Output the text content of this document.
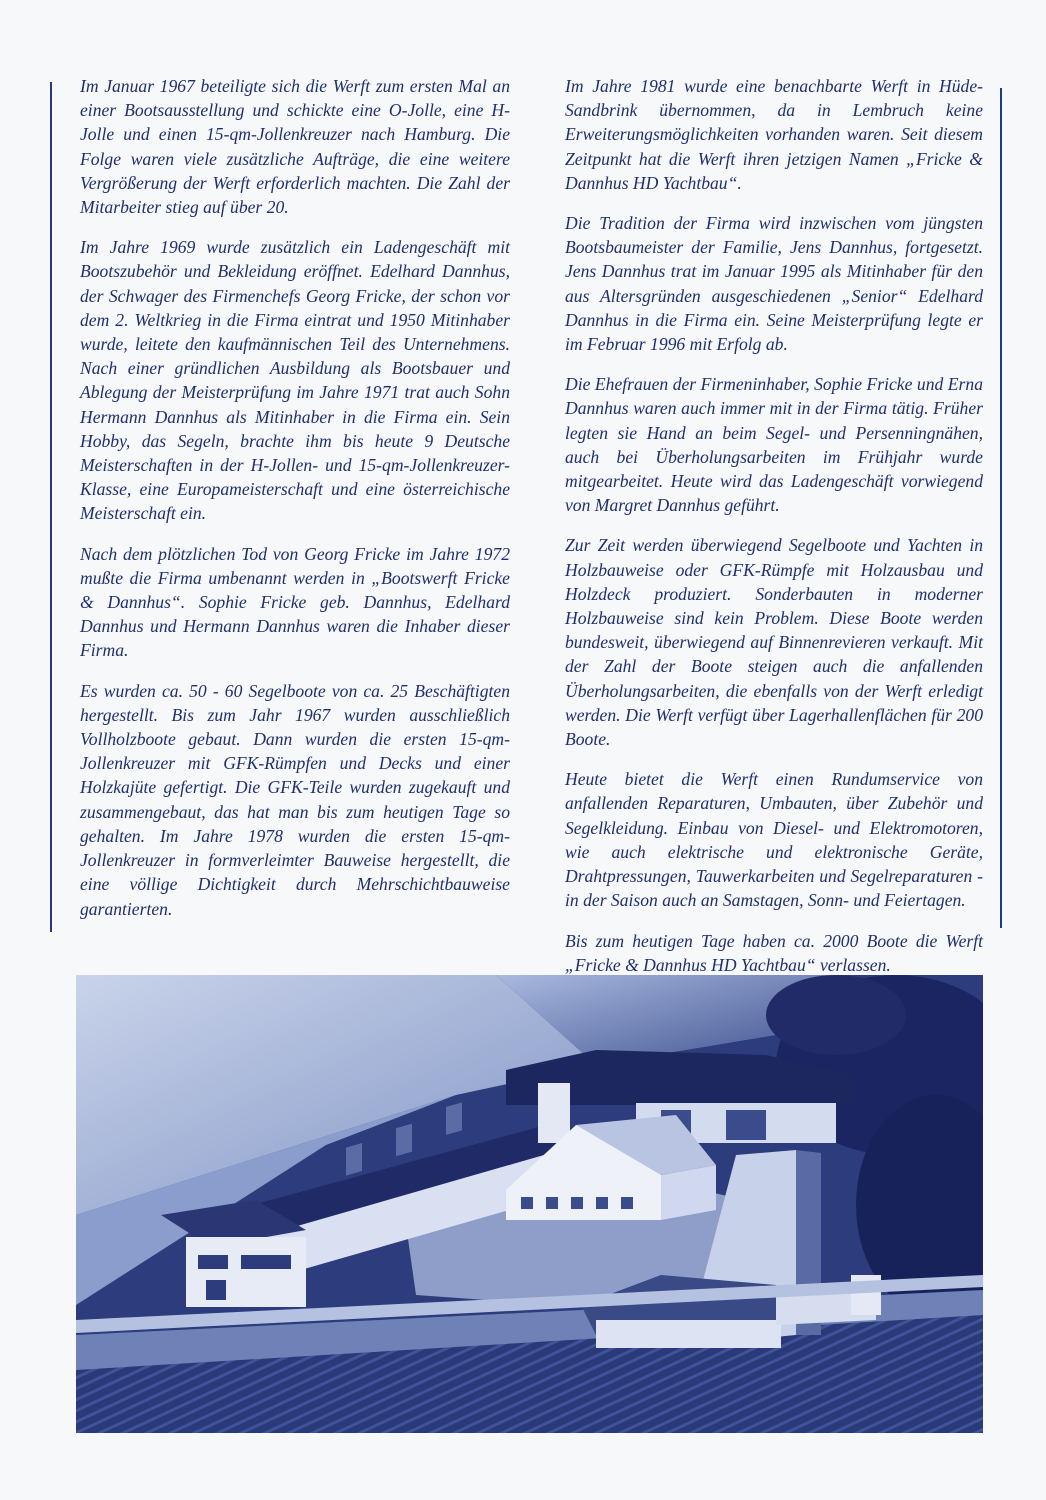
Im Januar 1967 beteiligte sich die Werft zum ersten Mal an einer Bootsausstellung und schickte eine O-Jolle, eine H-Jolle und einen 15-qm-Jollenkreuzer nach Hamburg. Die Folge waren viele zusätzliche Aufträge, die eine weitere Vergrößerung der Werft erforderlich machten. Die Zahl der Mitarbeiter stieg auf über 20.

Im Jahre 1969 wurde zusätzlich ein Ladengeschäft mit Bootszubehör und Bekleidung eröffnet. Edelhard Dannhus, der Schwager des Firmenchefs Georg Fricke, der schon vor dem 2. Weltkrieg in die Firma eintrat und 1950 Mitinhaber wurde, leitete den kaufmännischen Teil des Unternehmens. Nach einer gründlichen Ausbildung als Bootsbauer und Ablegung der Meisterprüfung im Jahre 1971 trat auch Sohn Hermann Dannhus als Mitinhaber in die Firma ein. Sein Hobby, das Segeln, brachte ihm bis heute 9 Deutsche Meisterschaften in der H-Jollen- und 15-qm-Jollenkreuzer-Klasse, eine Europameisterschaft und eine österreichische Meisterschaft ein.

Nach dem plötzlichen Tod von Georg Fricke im Jahre 1972 mußte die Firma umbenannt werden in „Bootswerft Fricke & Dannhus“. Sophie Fricke geb. Dannhus, Edelhard Dannhus und Hermann Dannhus waren die Inhaber dieser Firma.

Es wurden ca. 50 - 60 Segelboote von ca. 25 Beschäftigten hergestellt. Bis zum Jahr 1967 wurden ausschließlich Vollholzboote gebaut. Dann wurden die ersten 15-qm-Jollenkreuzer mit GFK-Rümpfen und Decks und einer Holzkajüte gefertigt. Die GFK-Teile wurden zugekauft und zusammengebaut, das hat man bis zum heutigen Tage so gehalten. Im Jahre 1978 wurden die ersten 15-qm-Jollenkreuzer in formverleimter Bauweise hergestellt, die eine völlige Dichtigkeit durch Mehrschichtbauweise garantierten.

Im Jahre 1981 wurde eine benachbarte Werft in Hüde-Sandbrink übernommen, da in Lembruch keine Erweiterungsmöglichkeiten vorhanden waren. Seit diesem Zeitpunkt hat die Werft ihren jetzigen Namen „Fricke & Dannhus HD Yachtbau“.

Die Tradition der Firma wird inzwischen vom jüngsten Bootsbaumeister der Familie, Jens Dannhus, fortgesetzt. Jens Dannhus trat im Januar 1995 als Mitinhaber für den aus Altersgründen ausgeschiedenen „Senior“ Edelhard Dannhus in die Firma ein. Seine Meisterprüfung legte er im Februar 1996 mit Erfolg ab.

Die Ehefrauen der Firmeninhaber, Sophie Fricke und Erna Dannhus waren auch immer mit in der Firma tätig. Früher legten sie Hand an beim Segel- und Persenningnähen, auch bei Überholungsarbeiten im Frühjahr wurde mitgearbeitet. Heute wird das Ladengeschäft vorwiegend von Margret Dannhus geführt.

Zur Zeit werden überwiegend Segelboote und Yachten in Holzbauweise oder GFK-Rümpfe mit Holzausbau und Holzdeck produziert. Sonderbauten in moderner Holzbauweise sind kein Problem. Diese Boote werden bundesweit, überwiegend auf Binnenrevieren verkauft. Mit der Zahl der Boote steigen auch die anfallenden Überholungsarbeiten, die ebenfalls von der Werft erledigt werden. Die Werft verfügt über Lagerhallenflächen für 200 Boote.

Heute bietet die Werft einen Rundumservice von anfallenden Reparaturen, Umbauten, über Zubehör und Segelkleidung. Einbau von Diesel- und Elektromotoren, wie auch elektrische und elektronische Geräte, Drahtpressungen, Tauwerkarbeiten und Segelreparaturen - in der Saison auch an Samstagen, Sonn- und Feiertagen.

Bis zum heutigen Tage haben ca. 2000 Boote die Werft „Fricke & Dannhus HD Yachtbau“ verlassen.
